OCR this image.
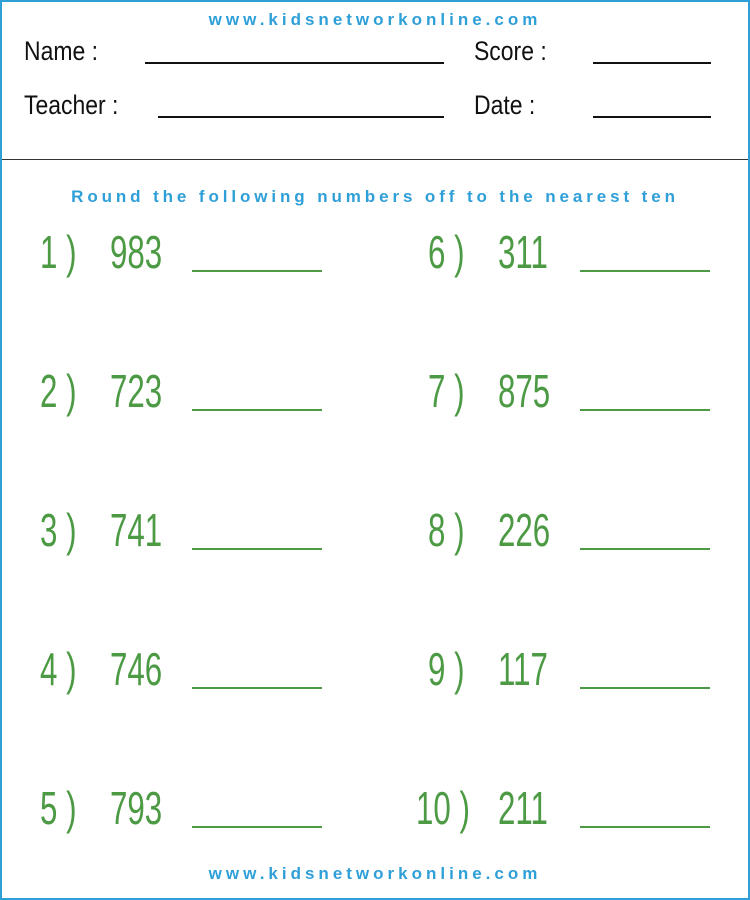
www.kidsnetworkonline.com
Name :	Score :
Teacher :	Date :
Round the following numbers off to the nearest ten
1 ) 983
2 ) 723
3 ) 741
4 ) 746
5 ) 793
6 ) 311
7 ) 875
8 ) 226
9 ) 117
10 ) 211
www.kidsnetworkonline.com
